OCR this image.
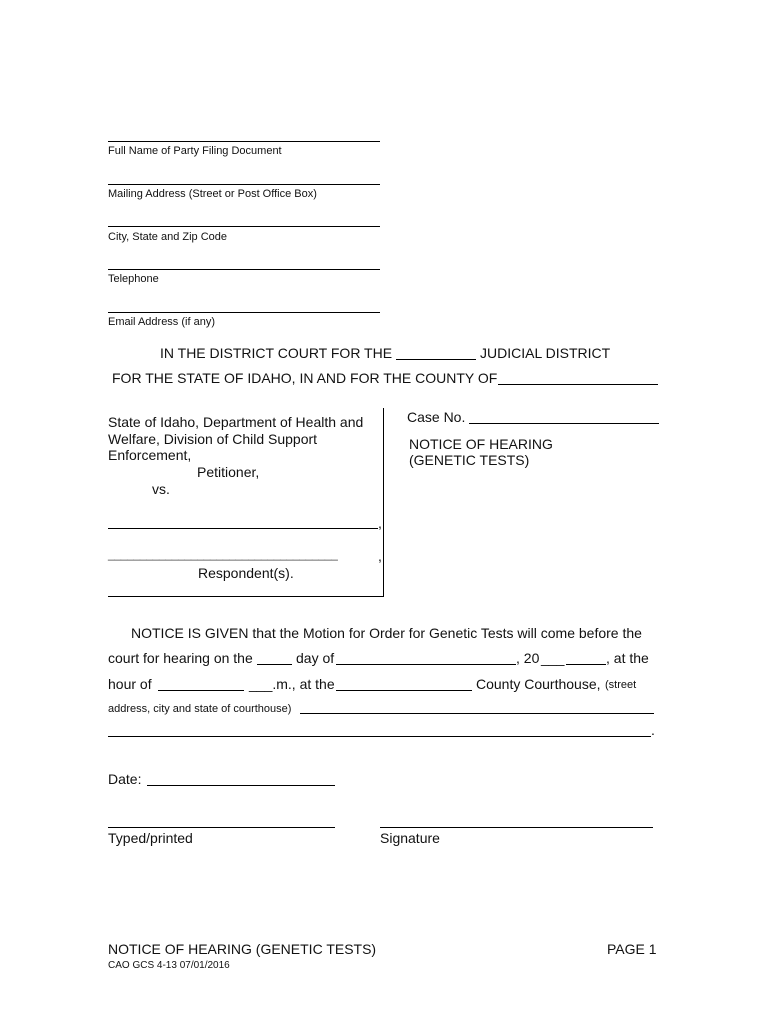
Full Name of Party Filing Document
Mailing Address (Street or Post Office Box)
City, State and Zip Code
Telephone
Email Address (if any)
IN THE DISTRICT COURT FOR THE	JUDICIAL DISTRICT
FOR THE STATE OF IDAHO, IN AND FOR THE COUNTY OF
State of Idaho, Department of Health and
Welfare, Division of Child Support
Enforcement,
Petitioner,
vs.
,
____________________________________	,
Respondent(s).
Case No.
NOTICE OF HEARING
(GENETIC TESTS)
NOTICE IS GIVEN that the Motion for Order for Genetic Tests will come before the
court for hearing on the	day of	, 20 ___	, at the
hour of	___.m., at the	County Courthouse, (street
address, city and state of courthouse)
.
Date:
Typed/printed	Signature
NOTICE OF HEARING (GENETIC TESTS)
CAO GCS 4-13 07/01/2016
PAGE 1
